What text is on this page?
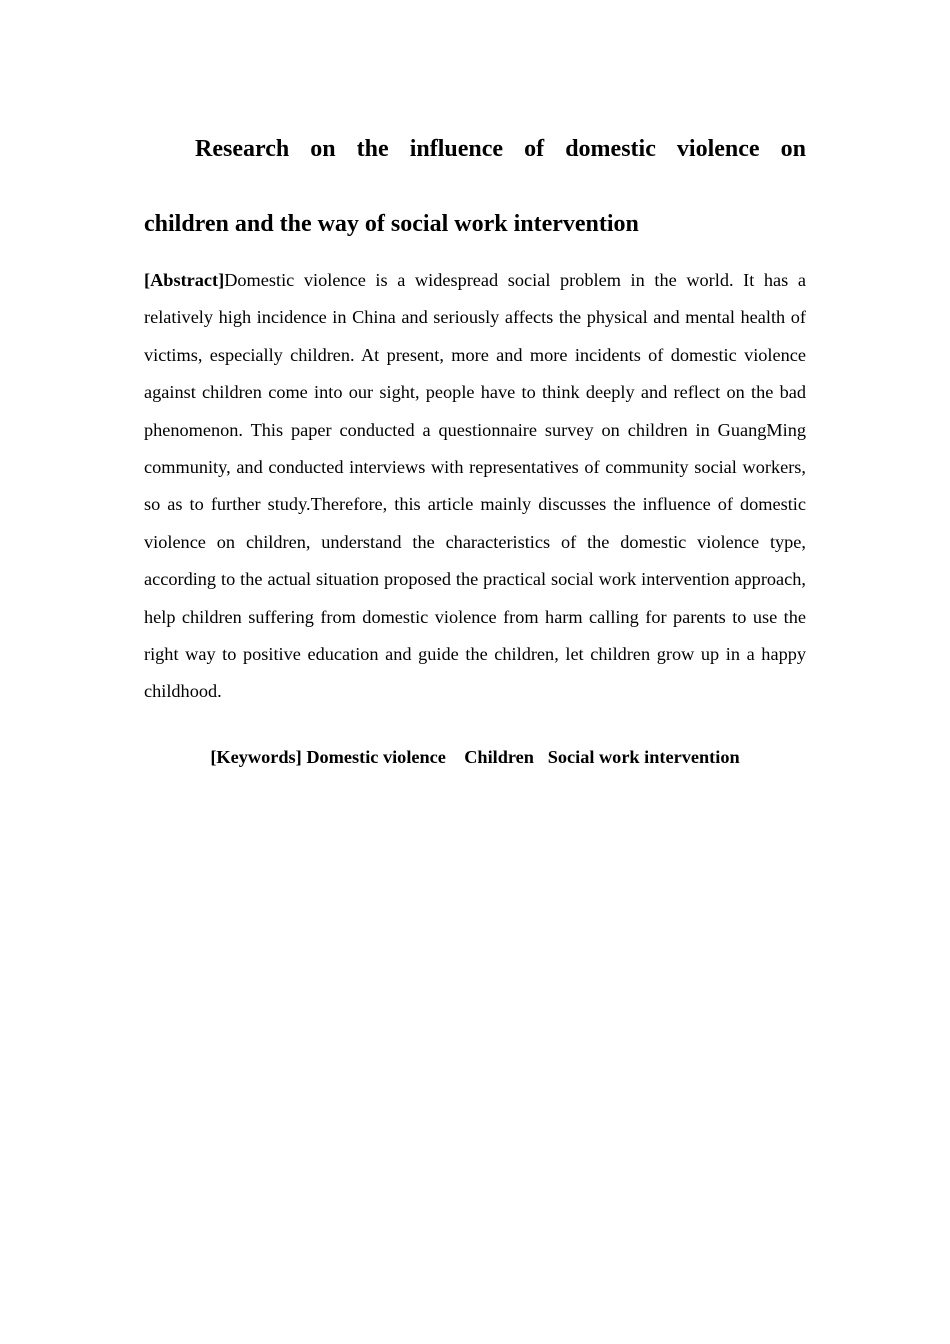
Research on the influence of domestic violence on
children and the way of social work intervention

[Abstract]Domestic violence is a widespread social problem in the world. It has a relatively high incidence in China and seriously affects the physical and mental health of victims, especially children. At present, more and more incidents of domestic violence against children come into our sight, people have to think deeply and reflect on the bad phenomenon. This paper conducted a questionnaire survey on children in GuangMing community, and conducted interviews with representatives of community social workers, so as to further study.Therefore, this article mainly discusses the influence of domestic violence on children, understand the characteristics of the domestic violence type, according to the actual situation proposed the practical social work intervention approach, help children suffering from domestic violence from harm calling for parents to use the right way to positive education and guide the children, let children grow up in a happy childhood.

[Keywords] Domestic violence Children Social work intervention
